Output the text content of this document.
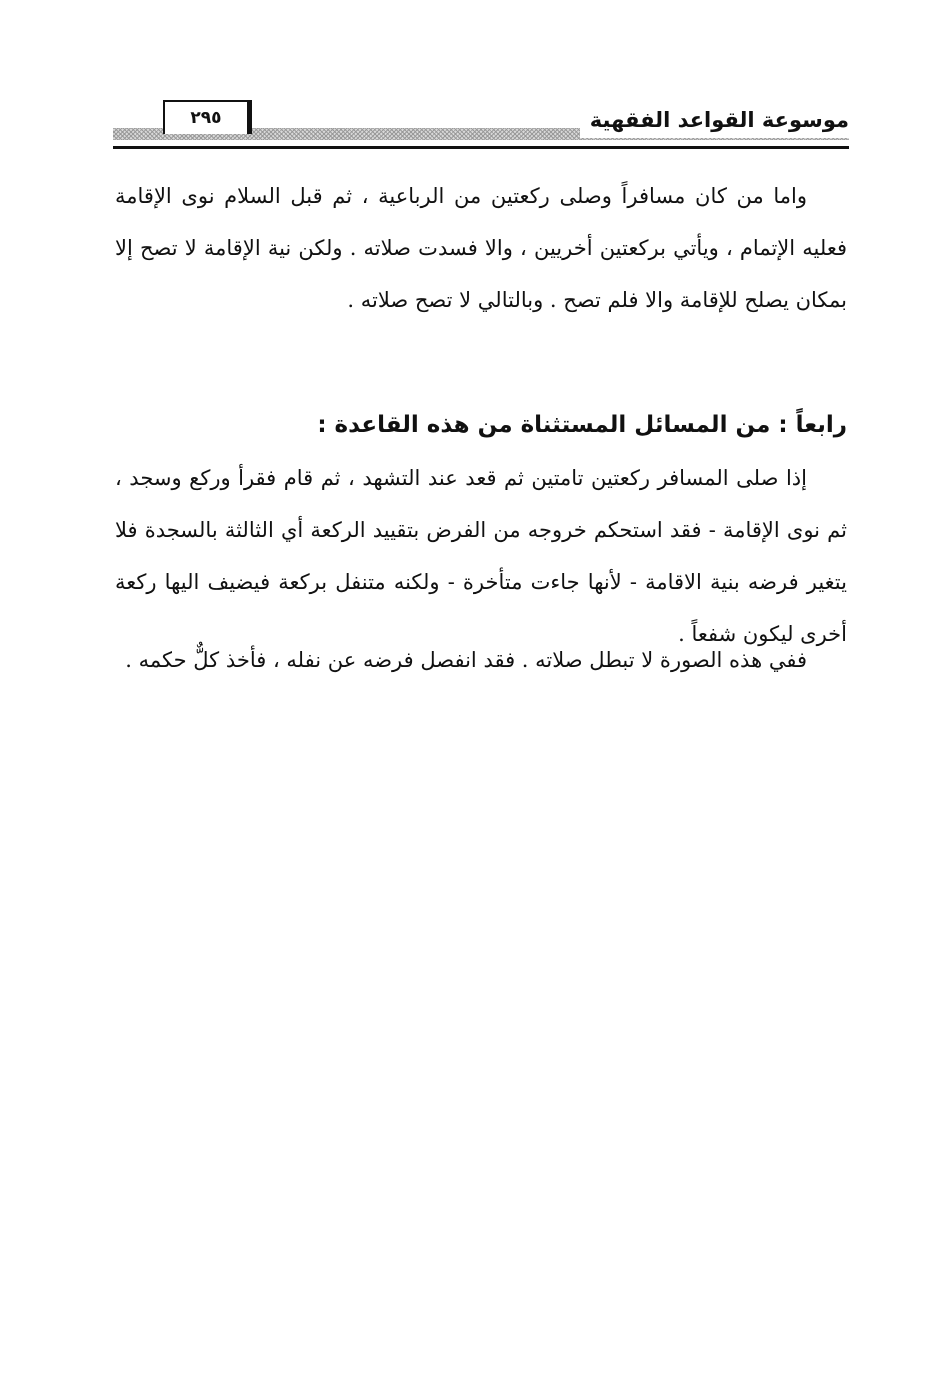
موسوعة القواعد الفقهية
٢٩٥

واما من كان مسافراً وصلى ركعتين من الرباعية ، ثم قبل السلام نوى الإقامة فعليه الإتمام ، ويأتي بركعتين أخريين ، والا فسدت صلاته . ولكن نية الإقامة لا تصح إلا بمكان يصلح للإقامة والا فلم تصح . وبالتالي لا تصح صلاته .

رابعاً : من المسائل المستثناة من هذه القاعدة :

إذا صلى المسافر ركعتين تامتين ثم قعد عند التشهد ، ثم قام فقرأ وركع وسجد ، ثم نوى الإقامة - فقد استحكم خروجه من الفرض بتقييد الركعة أي الثالثة بالسجدة فلا يتغير فرضه بنية الاقامة - لأنها جاءت متأخرة - ولكنه متنفل بركعة فيضيف اليها ركعة أخرى ليكون شفعاً .

ففي هذه الصورة لا تبطل صلاته . فقد انفصل فرضه عن نفله ، فأخذ كلٌّ حكمه .
